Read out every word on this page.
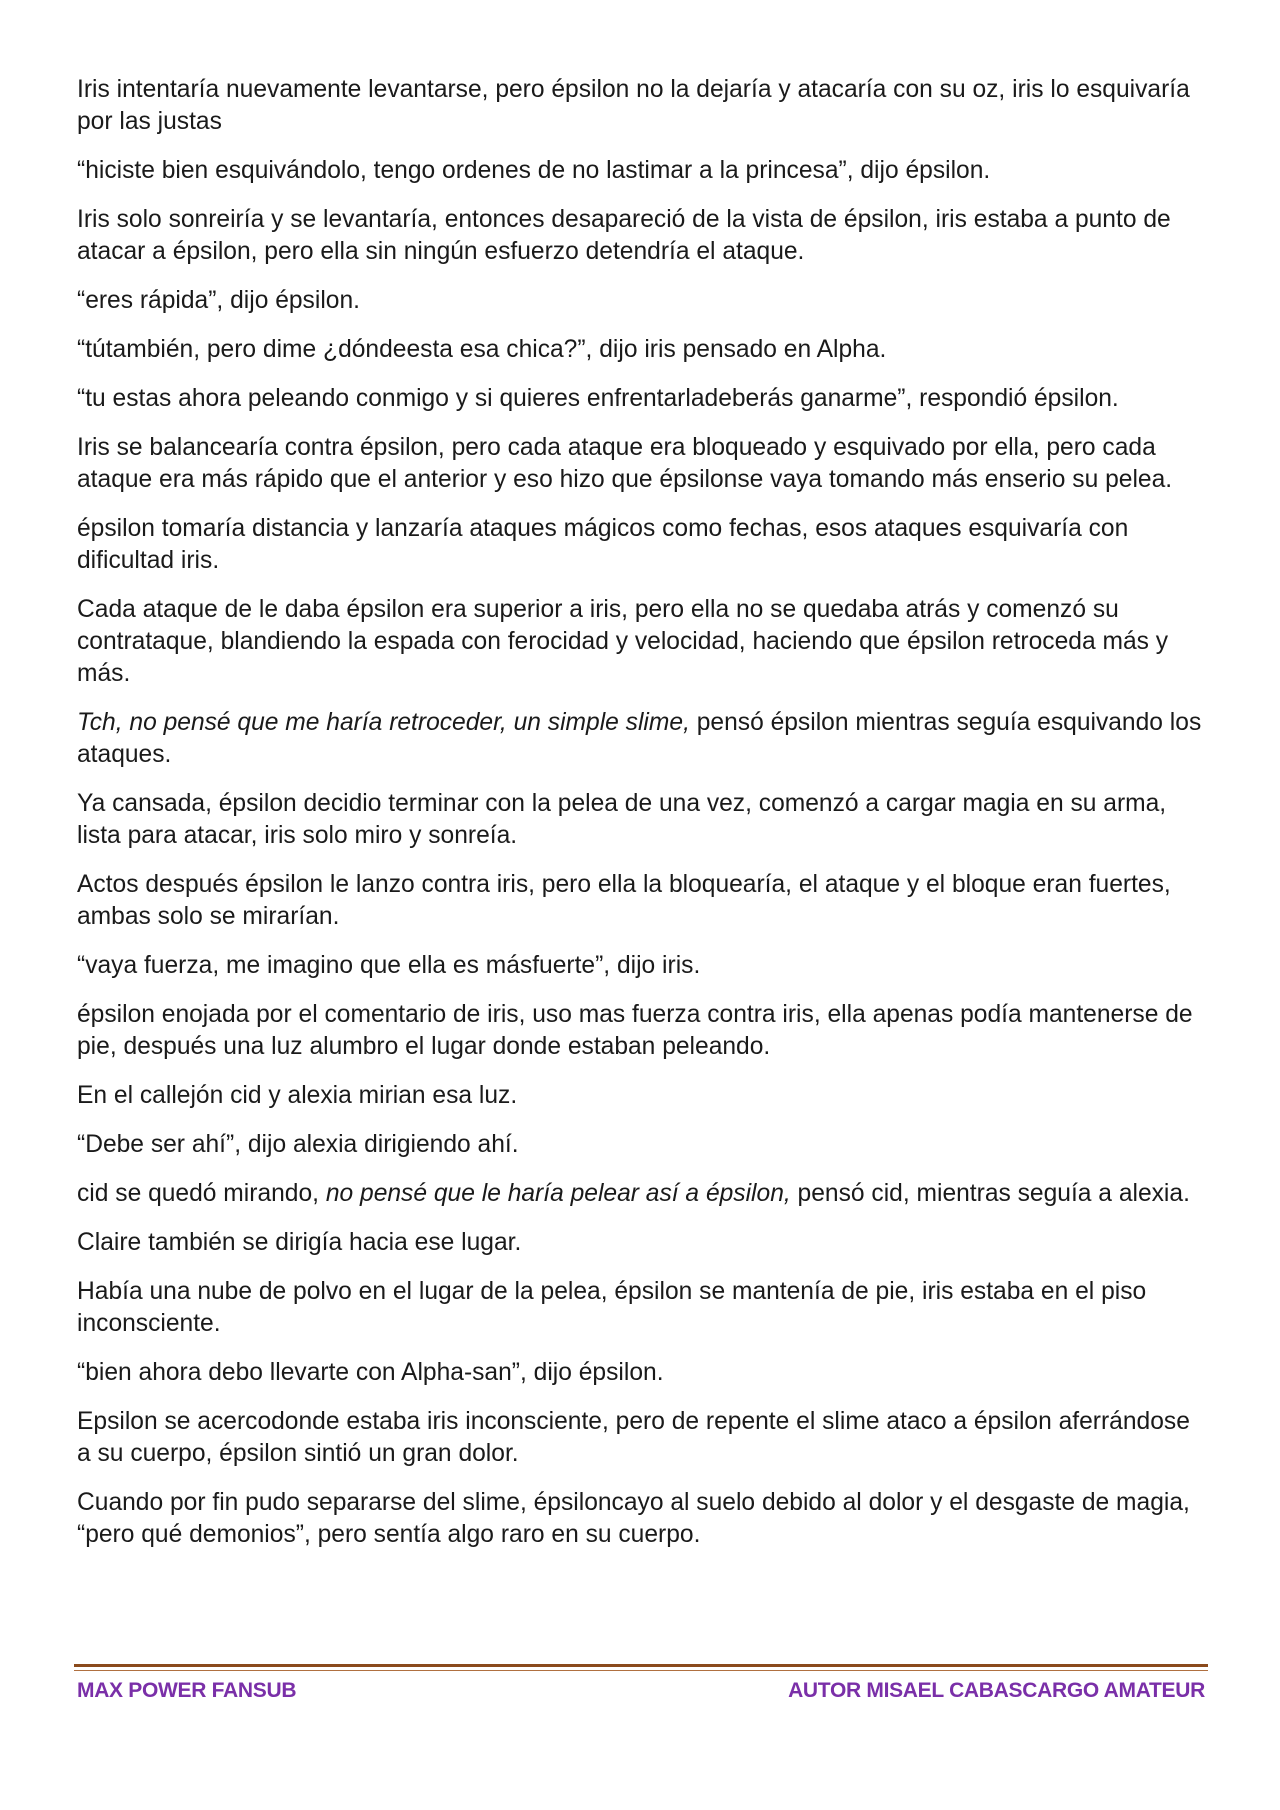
Iris intentaría nuevamente levantarse, pero épsilon no la dejaría y atacaría con su oz, iris lo esquivaría por las justas

“hiciste bien esquivándolo, tengo ordenes de no lastimar a la princesa”, dijo épsilon.

Iris solo sonreiría y se levantaría, entonces desapareció de la vista de épsilon, iris estaba a punto de atacar a épsilon, pero ella sin ningún esfuerzo detendría el ataque.

“eres rápida”, dijo épsilon.

“tútambién, pero dime ¿dóndeesta esa chica?”, dijo iris pensado en Alpha.

“tu estas ahora peleando conmigo y si quieres enfrentarladeberás ganarme”, respondió épsilon.

Iris se balancearía contra épsilon, pero cada ataque era bloqueado y esquivado por ella, pero cada ataque era más rápido que el anterior y eso hizo que épsilonse vaya tomando más enserio su pelea.

épsilon tomaría distancia y lanzaría ataques mágicos como fechas, esos ataques esquivaría con dificultad iris.

Cada ataque de le daba épsilon era superior a iris, pero ella no se quedaba atrás y comenzó su contrataque, blandiendo la espada con ferocidad y velocidad, haciendo que épsilon retroceda más y más.

Tch, no pensé que me haría retroceder, un simple slime, pensó épsilon mientras seguía esquivando los ataques.

Ya cansada, épsilon decidio terminar con la pelea de una vez, comenzó a cargar magia en su arma, lista para atacar, iris solo miro y sonreía.

Actos después épsilon le lanzo contra iris, pero ella la bloquearía, el ataque y el bloque eran fuertes, ambas solo se mirarían.

“vaya fuerza, me imagino que ella es másfuerte”, dijo iris.

épsilon enojada por el comentario de iris, uso mas fuerza contra iris, ella apenas podía mantenerse de pie, después una luz alumbro el lugar donde estaban peleando.

En el callejón cid y alexia mirian esa luz.

“Debe ser ahí”, dijo alexia dirigiendo ahí.

cid se quedó mirando, no pensé que le haría pelear así a épsilon, pensó cid, mientras seguía a alexia.

Claire también se dirigía hacia ese lugar.

Había una nube de polvo en el lugar de la pelea, épsilon se mantenía de pie, iris estaba en el piso inconsciente.

“bien ahora debo llevarte con Alpha-san”, dijo épsilon.

Epsilon se acercodonde estaba iris inconsciente, pero de repente el slime ataco a épsilon aferrándose a su cuerpo, épsilon sintió un gran dolor.

Cuando por fin pudo separarse del slime, épsiloncayo al suelo debido al dolor y el desgaste de magia, “pero qué demonios”, pero sentía algo raro en su cuerpo.

MAX POWER FANSUB	AUTOR MISAEL CABASCARGO AMATEUR
